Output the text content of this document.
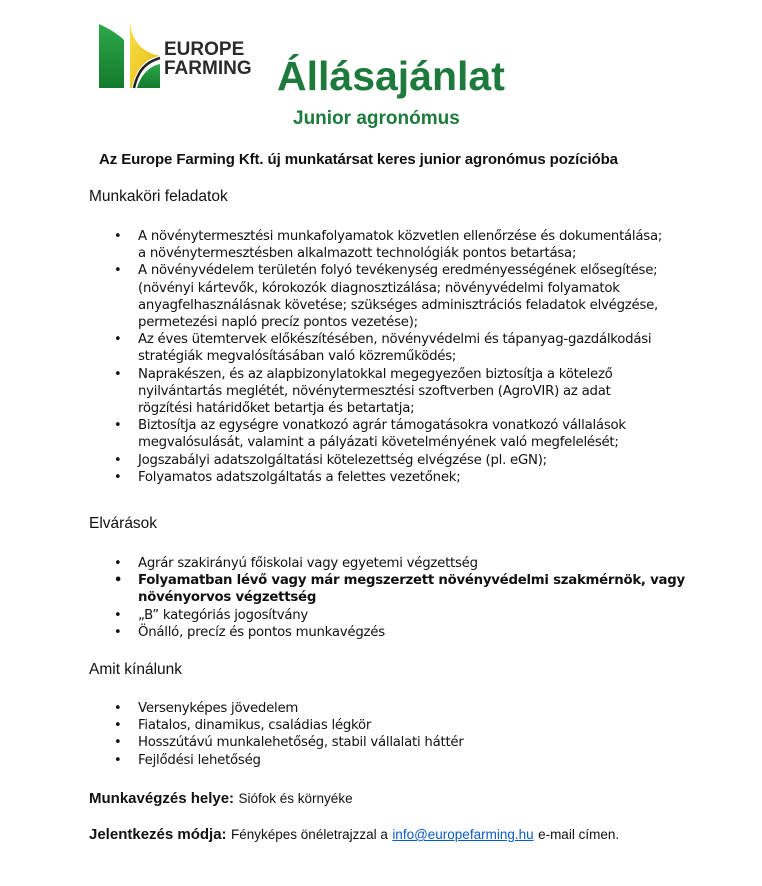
EUROPE
FARMING Állásajánlat
Junior agronómus

Az Europe Farming Kft. új munkatársat keres junior agronómus pozícióba

Munkaköri feladatok
• A növénytermesztési munkafolyamatok közvetlen ellenőrzése és dokumentálása;
a növénytermesztésben alkalmazott technológiák pontos betartása;
• A növényvédelem területén folyó tevékenység eredményességének elősegítése;
(növényi kártevők, kórokozók diagnosztizálása; növényvédelmi folyamatok
anyagfelhasználásnak követése; szükséges adminisztrációs feladatok elvégzése,
permetezési napló precíz pontos vezetése);
• Az éves ütemtervek előkészítésében, növényvédelmi és tápanyag-gazdálkodási
stratégiák megvalósításában való közreműködés;
• Naprakészen, és az alapbizonylatokkal megegyezően biztosítja a kötelező
nyilvántartás meglétét, növénytermesztési szoftverben (AgroVIR) az adat
rögzítési határidőket betartja és betartatja;
• Biztosítja az egységre vonatkozó agrár támogatásokra vonatkozó vállalások
megvalósulását, valamint a pályázati követelményének való megfelelését;
• Jogszabályi adatszolgáltatási kötelezettség elvégzése (pl. eGN);
• Folyamatos adatszolgáltatás a felettes vezetőnek;
Elvárások
• Agrár szakirányú főiskolai vagy egyetemi végzettség
• Folyamatban lévő vagy már megszerzett növényvédelmi szakmérnök, vagy
növényorvos végzettség
• „B” kategóriás jogosítvány
• Önálló, precíz és pontos munkavégzés
Amit kínálunk
• Versenyképes jövedelem
• Fiatalos, dinamikus, családias légkör
• Hosszútávú munkalehetőség, stabil vállalati háttér
• Fejlődési lehetőség

Munkavégzés helye: Siófok és környéke

Jelentkezés módja: Fényképes önéletrajzzal a info@europefarming.hu e-mail címen.
